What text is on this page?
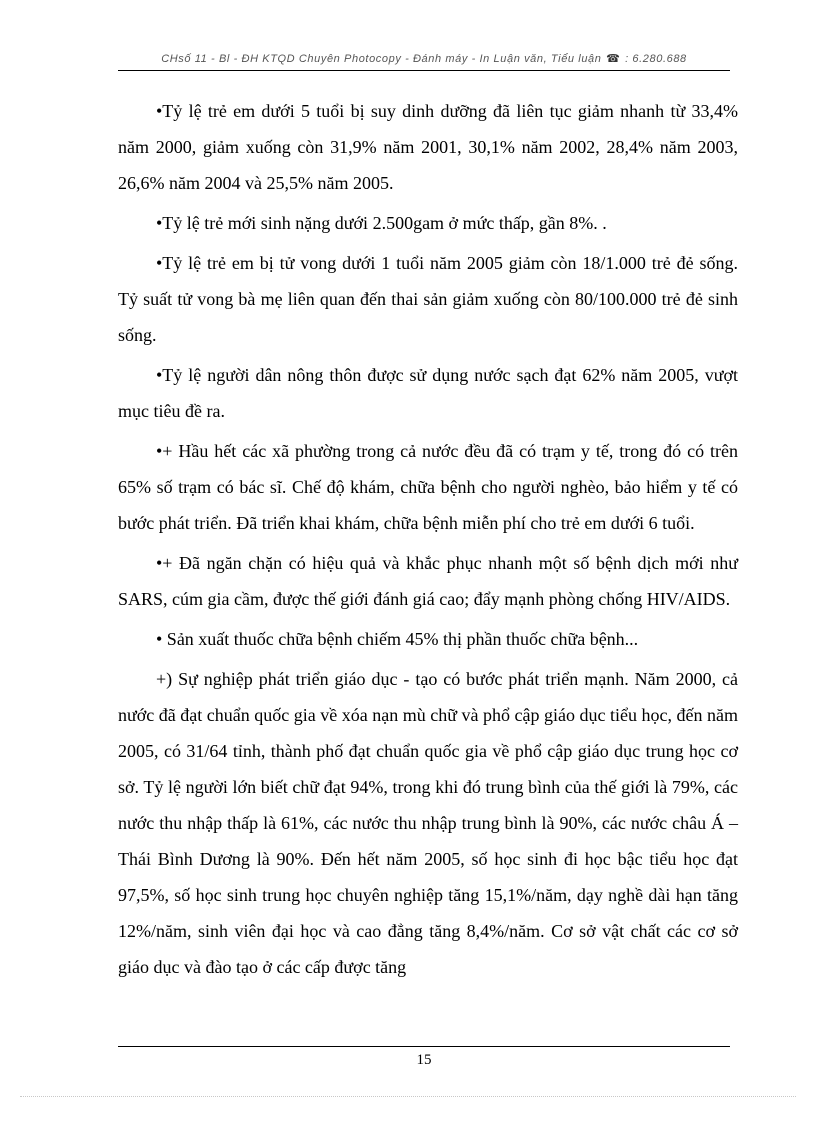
CHsố 11 - Bl - ĐH KTQD Chuyên Photocopy - Đánh máy - In Luận văn, Tiểu luận ☎ : 6.280.688

•Tỷ lệ trẻ em dưới 5 tuổi bị suy dinh dưỡng đã liên tục giảm nhanh từ 33,4% năm 2000, giảm xuống còn 31,9% năm 2001, 30,1% năm 2002, 28,4% năm 2003, 26,6% năm 2004 và 25,5% năm 2005.

•Tỷ lệ trẻ mới sinh nặng dưới 2.500gam ở mức thấp, gần 8%. .

•Tỷ lệ trẻ em bị tử vong dưới 1 tuổi năm 2005 giảm còn 18/1.000 trẻ đẻ sống. Tỷ suất tử vong bà mẹ liên quan đến thai sản giảm xuống còn 80/100.000 trẻ đẻ sinh sống.

•Tỷ lệ người dân nông thôn được sử dụng nước sạch đạt 62% năm 2005, vượt mục tiêu đề ra.

•+ Hầu hết các xã phường trong cả nước đều đã có trạm y tế, trong đó có trên 65% số trạm có bác sĩ. Chế độ khám, chữa bệnh cho người nghèo, bảo hiểm y tế có bước phát triển. Đã triển khai khám, chữa bệnh miễn phí cho trẻ em dưới 6 tuổi.

•+ Đã ngăn chặn có hiệu quả và khắc phục nhanh một số bệnh dịch mới như SARS, cúm gia cầm, được thế giới đánh giá cao; đẩy mạnh phòng chống HIV/AIDS.

• Sản xuất thuốc chữa bệnh chiếm 45% thị phần thuốc chữa bệnh...

+) Sự nghiệp phát triển giáo dục - tạo có bước phát triển mạnh. Năm 2000, cả nước đã đạt chuẩn quốc gia về xóa nạn mù chữ và phổ cập giáo dục tiểu học, đến năm 2005, có 31/64 tỉnh, thành phố đạt chuẩn quốc gia về phổ cập giáo dục trung học cơ sở. Tỷ lệ người lớn biết chữ đạt 94%, trong khi đó trung bình của thế giới là 79%, các nước thu nhập thấp là 61%, các nước thu nhập trung bình là 90%, các nước châu Á – Thái Bình Dương là 90%. Đến hết năm 2005, số học sinh đi học bậc tiểu học đạt 97,5%, số học sinh trung học chuyên nghiệp tăng 15,1%/năm, dạy nghề dài hạn tăng 12%/năm, sinh viên đại học và cao đẳng tăng 8,4%/năm. Cơ sở vật chất các cơ sở giáo dục và đào tạo ở các cấp được tăng

15
